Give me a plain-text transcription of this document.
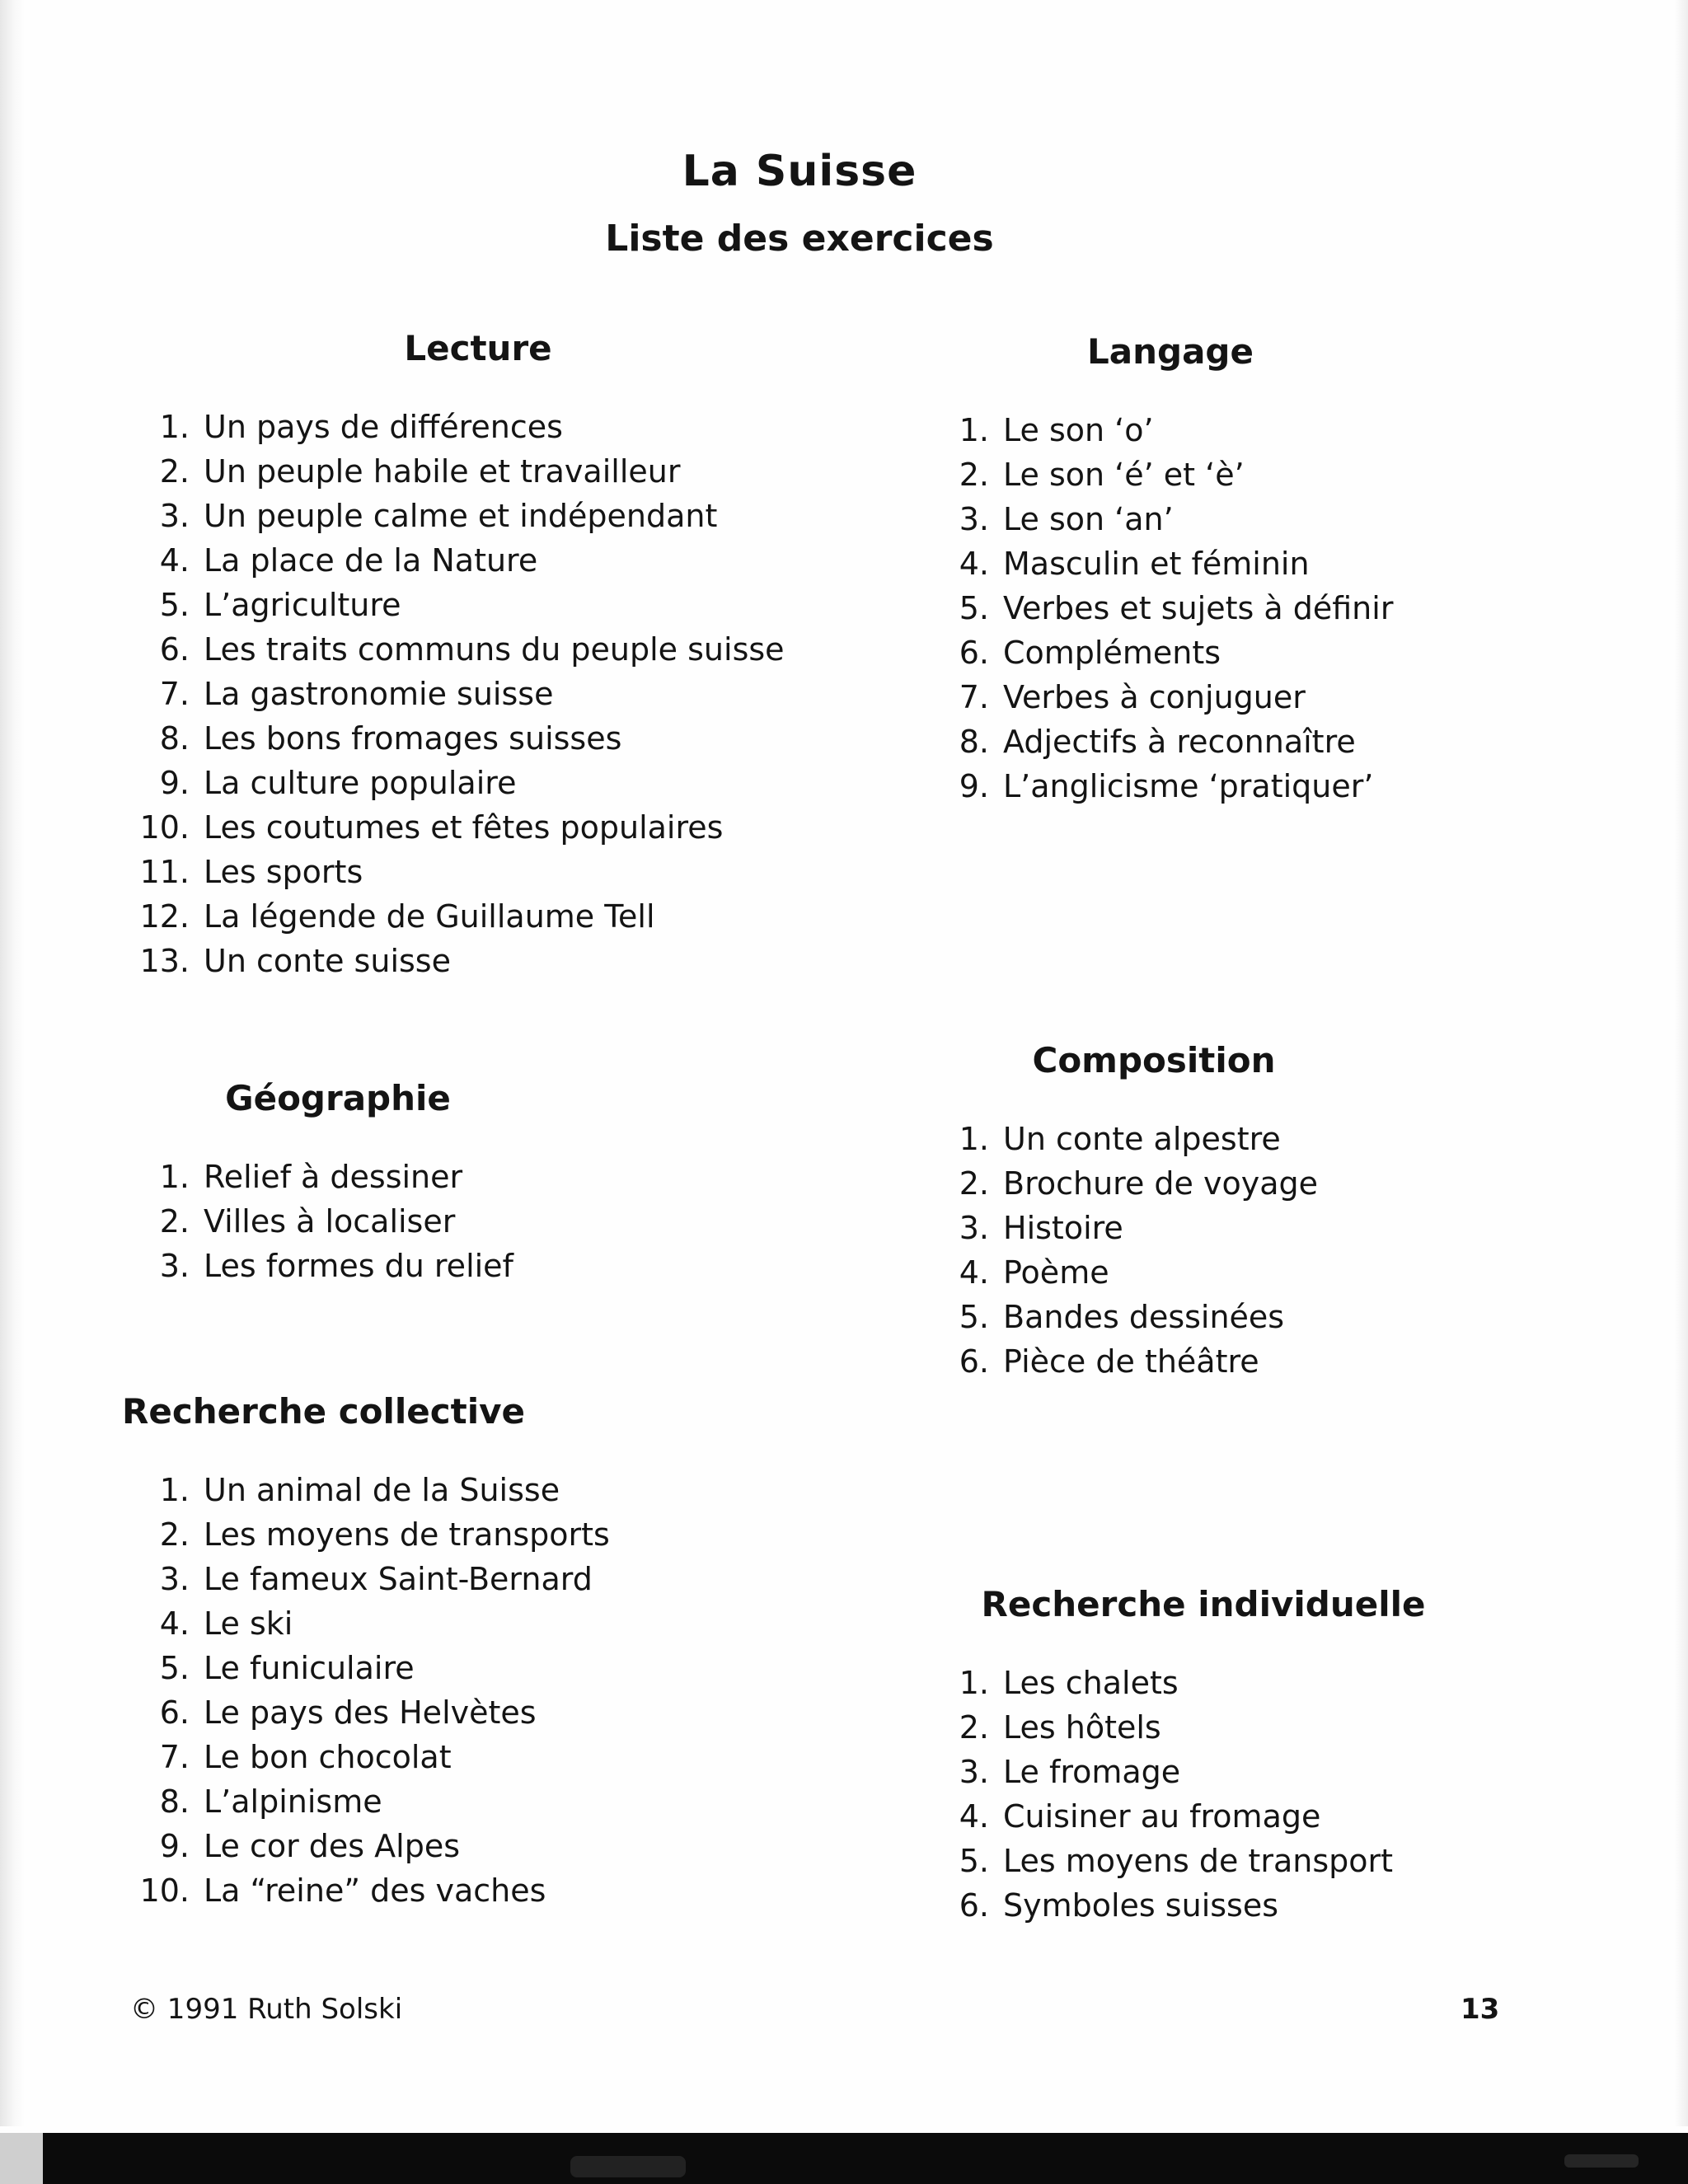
La Suisse
Liste des exercices
Lecture
1. Un pays de différences
2. Un peuple habile et travailleur
3. Un peuple calme et indépendant
4. La place de la Nature
5. L’agriculture
6. Les traits communs du peuple suisse
7. La gastronomie suisse
8. Les bons fromages suisses
9. La culture populaire
10. Les coutumes et fêtes populaires
11. Les sports
12. La légende de Guillaume Tell
13. Un conte suisse
Géographie
1. Relief à dessiner
2. Villes à localiser
3. Les formes du relief
Recherche collective
1. Un animal de la Suisse
2. Les moyens de transports
3. Le fameux Saint-Bernard
4. Le ski
5. Le funiculaire
6. Le pays des Helvètes
7. Le bon chocolat
8. L’alpinisme
9. Le cor des Alpes
10. La “reine” des vaches
Langage
1. Le son ‘o’
2. Le son ‘é’ et ‘è’
3. Le son ‘an’
4. Masculin et féminin
5. Verbes et sujets à définir
6. Compléments
7. Verbes à conjuguer
8. Adjectifs à reconnaître
9. L’anglicisme ‘pratiquer’
Composition
1. Un conte alpestre
2. Brochure de voyage
3. Histoire
4. Poème
5. Bandes dessinées
6. Pièce de théâtre
Recherche individuelle
1. Les chalets
2. Les hôtels
3. Le fromage
4. Cuisiner au fromage
5. Les moyens de transport
6. Symboles suisses
© 1991 Ruth Solski	13
